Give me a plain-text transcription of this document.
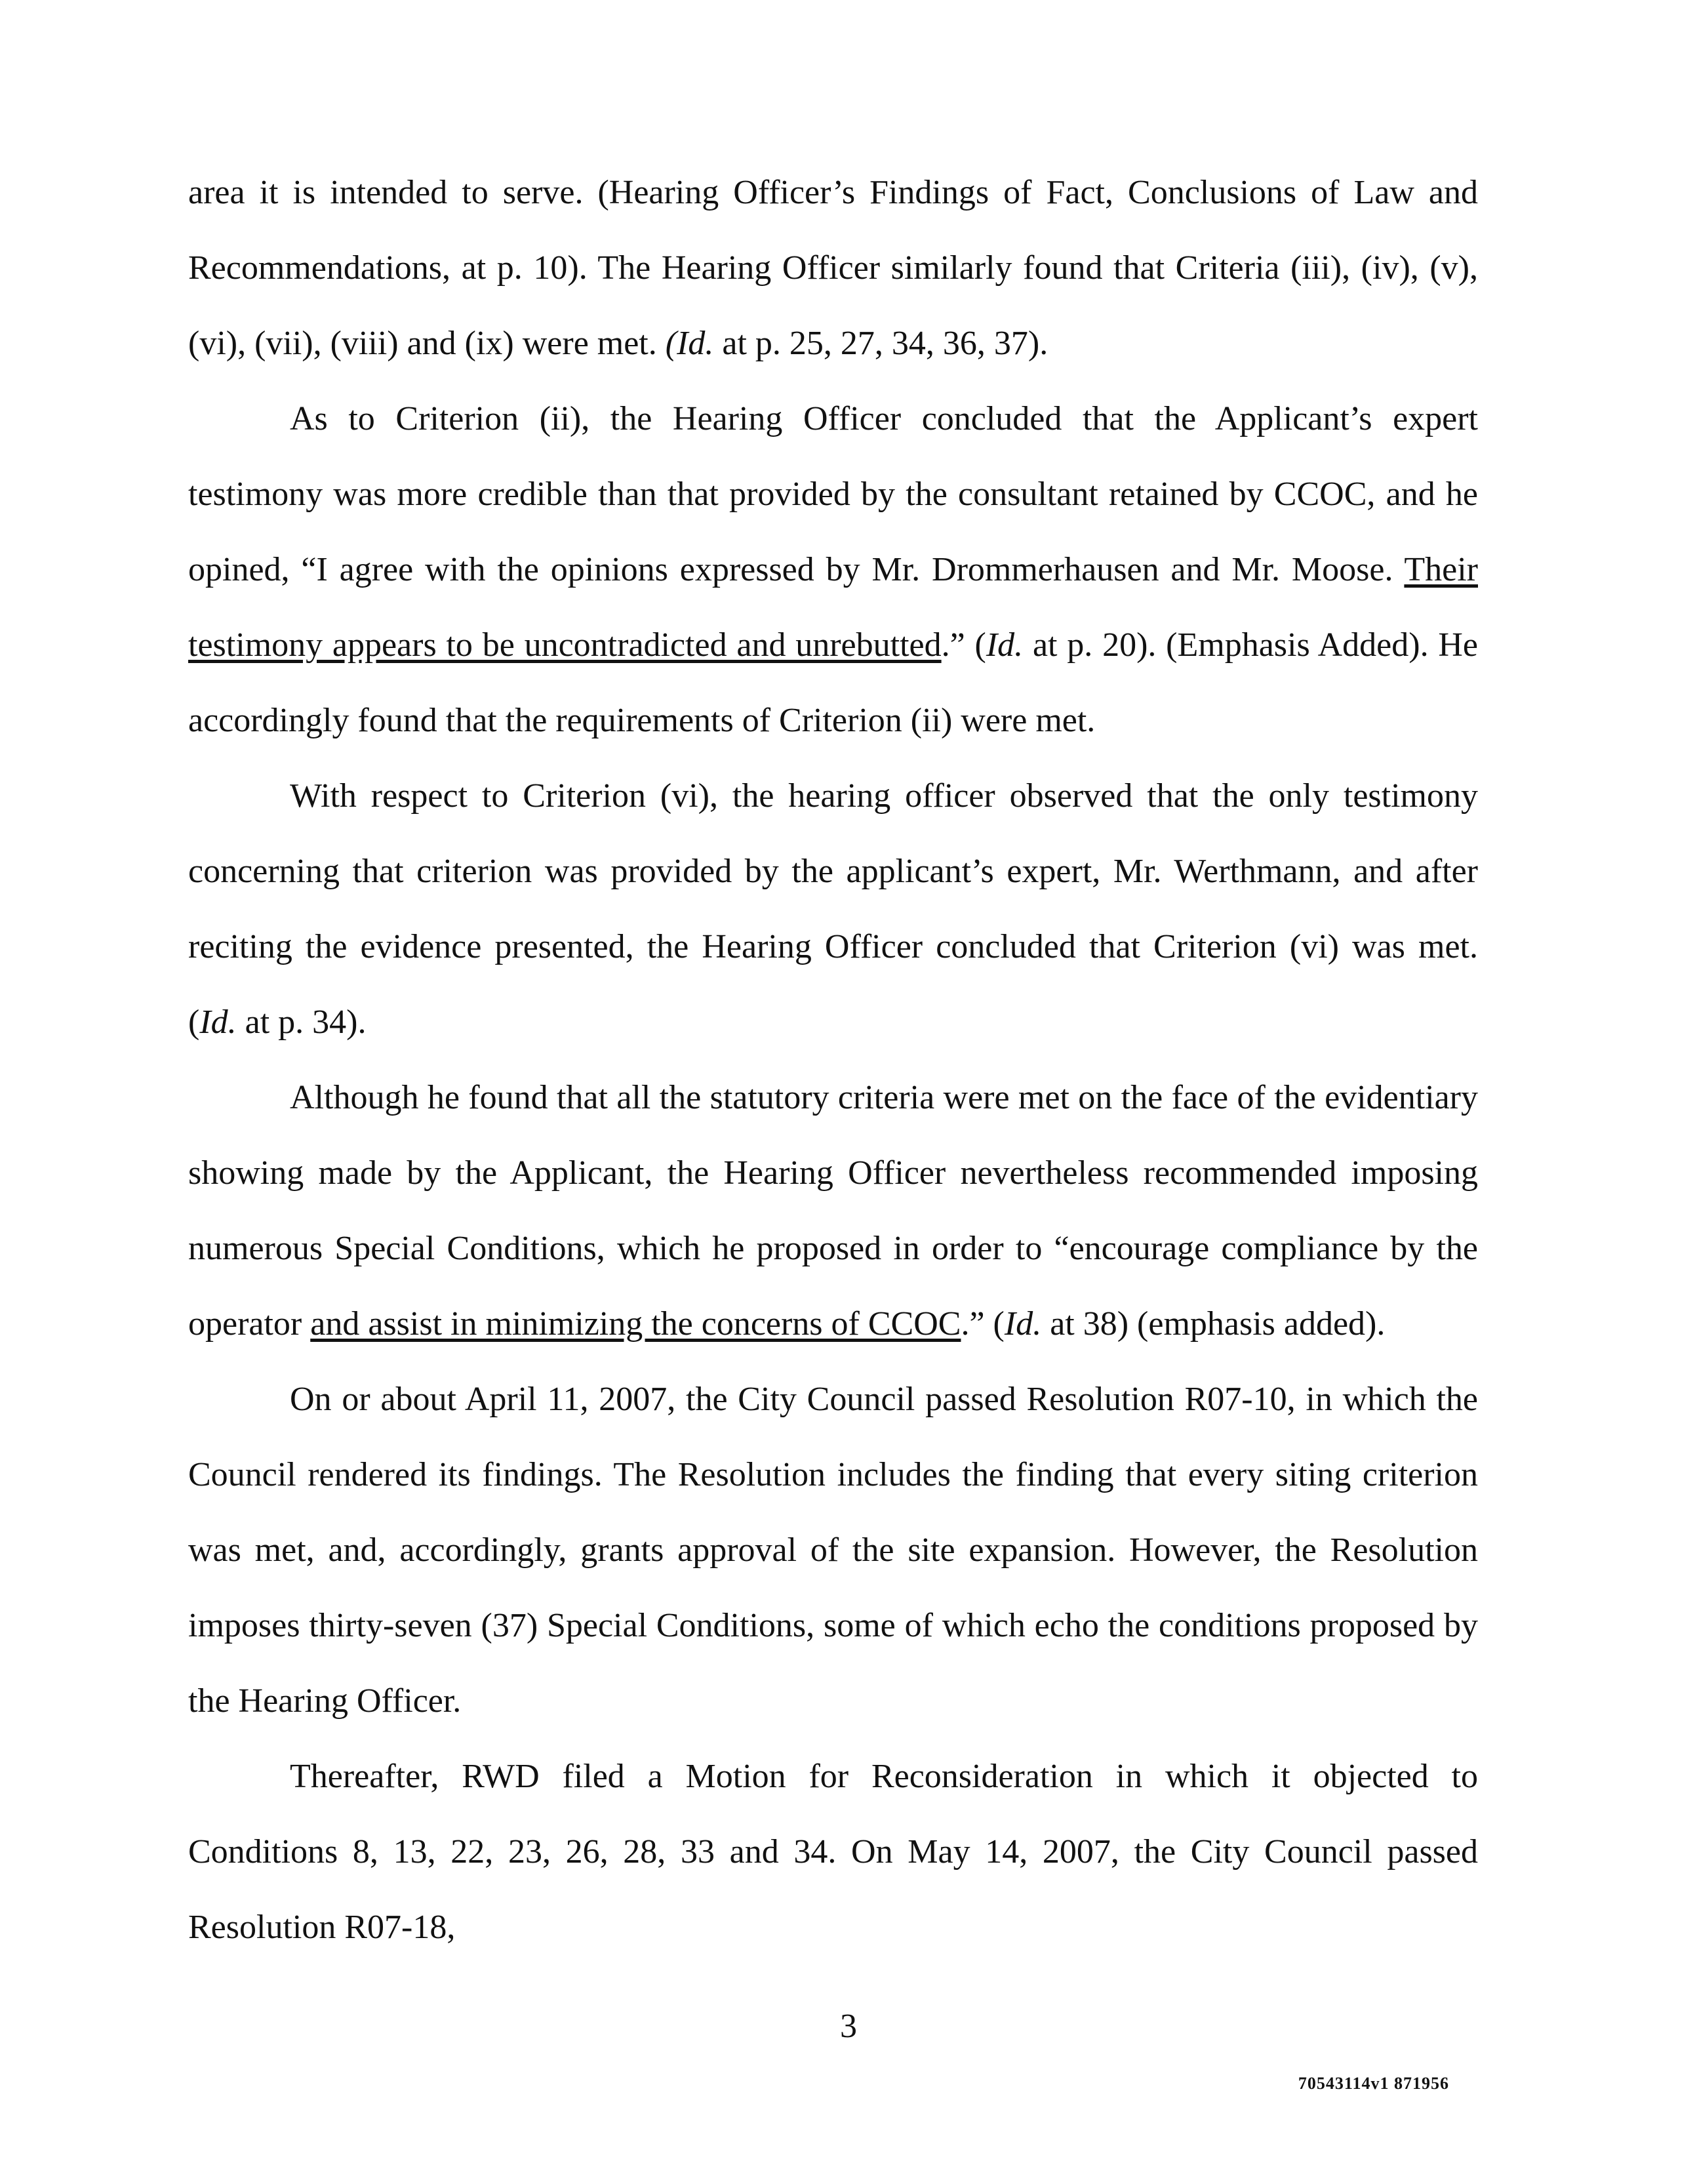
area it is intended to serve. (Hearing Officer’s Findings of Fact, Conclusions of Law and Recommendations, at p. 10). The Hearing Officer similarly found that Criteria (iii), (iv), (v), (vi), (vii), (viii) and (ix) were met. (Id. at p. 25, 27, 34, 36, 37).

As to Criterion (ii), the Hearing Officer concluded that the Applicant’s expert testimony was more credible than that provided by the consultant retained by CCOC, and he opined, “I agree with the opinions expressed by Mr. Drommerhausen and Mr. Moose. Their testimony appears to be uncontradicted and unrebutted.” (Id. at p. 20). (Emphasis Added). He accordingly found that the requirements of Criterion (ii) were met.

With respect to Criterion (vi), the hearing officer observed that the only testimony concerning that criterion was provided by the applicant’s expert, Mr. Werthmann, and after reciting the evidence presented, the Hearing Officer concluded that Criterion (vi) was met. (Id. at p. 34).

Although he found that all the statutory criteria were met on the face of the evidentiary showing made by the Applicant, the Hearing Officer nevertheless recommended imposing numerous Special Conditions, which he proposed in order to “encourage compliance by the operator and assist in minimizing the concerns of CCOC.” (Id. at 38) (emphasis added).

On or about April 11, 2007, the City Council passed Resolution R07-10, in which the Council rendered its findings. The Resolution includes the finding that every siting criterion was met, and, accordingly, grants approval of the site expansion. However, the Resolution imposes thirty-seven (37) Special Conditions, some of which echo the conditions proposed by the Hearing Officer.

Thereafter, RWD filed a Motion for Reconsideration in which it objected to Conditions 8, 13, 22, 23, 26, 28, 33 and 34. On May 14, 2007, the City Council passed Resolution R07-18,

3
70543114v1 871956
